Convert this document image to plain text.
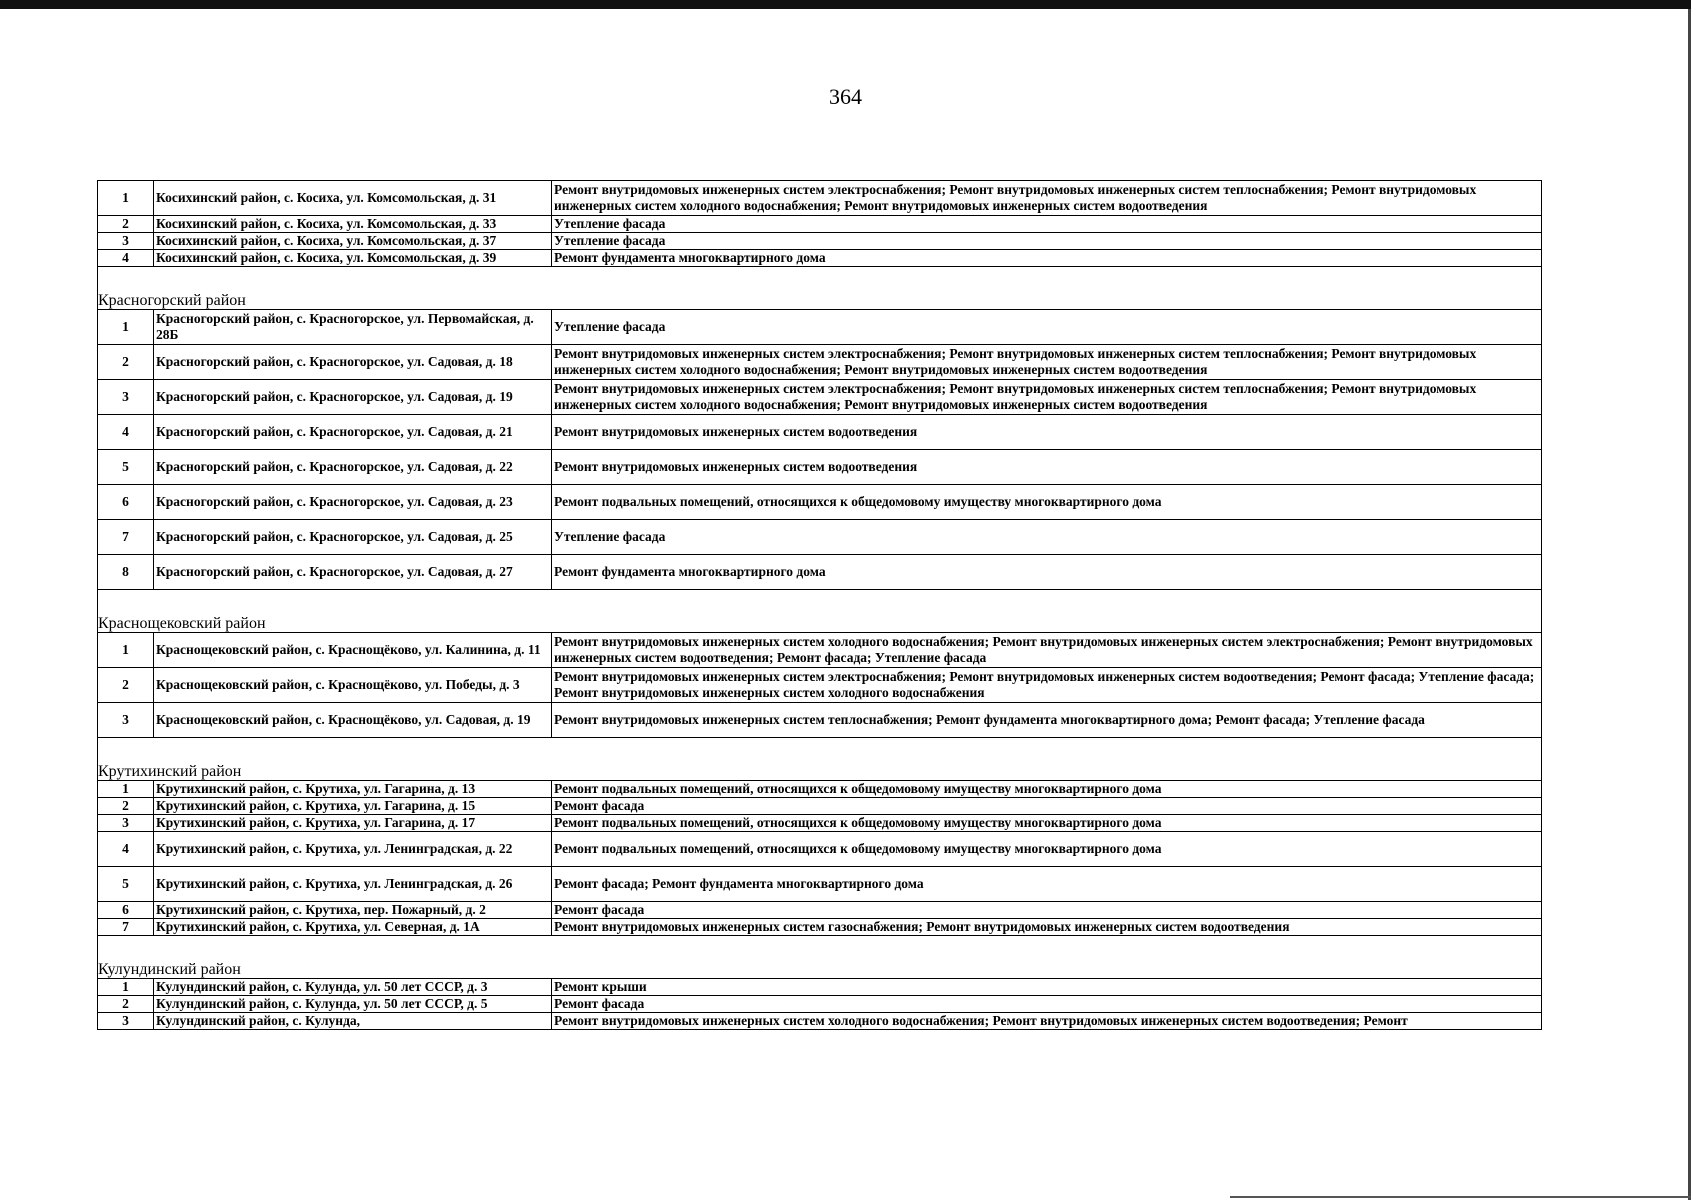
364
1	Косихинский район, с. Косиха, ул. Комсомольская, д. 31	Ремонт внутридомовых инженерных систем электроснабжения; Ремонт внутридомовых инженерных систем теплоснабжения; Ремонт внутридомовых инженерных систем холодного водоснабжения; Ремонт внутридомовых инженерных систем водоотведения
2	Косихинский район, с. Косиха, ул. Комсомольская, д. 33	Утепление фасада
3	Косихинский район, с. Косиха, ул. Комсомольская, д. 37	Утепление фасада
4	Косихинский район, с. Косиха, ул. Комсомольская, д. 39	Ремонт фундамента многоквартирного дома

Красногорский район		
1	Красногорский район, с. Красногорское, ул. Первомайская, д. 28Б	Утепление фасада
2	Красногорский район, с. Красногорское, ул. Садовая, д. 18	Ремонт внутридомовых инженерных систем электроснабжения; Ремонт внутридомовых инженерных систем теплоснабжения; Ремонт внутридомовых инженерных систем холодного водоснабжения; Ремонт внутридомовых инженерных систем водоотведения
3	Красногорский район, с. Красногорское, ул. Садовая, д. 19	Ремонт внутридомовых инженерных систем электроснабжения; Ремонт внутридомовых инженерных систем теплоснабжения; Ремонт внутридомовых инженерных систем холодного водоснабжения; Ремонт внутридомовых инженерных систем водоотведения
4	Красногорский район, с. Красногорское, ул. Садовая, д. 21	Ремонт внутридомовых инженерных систем водоотведения
5	Красногорский район, с. Красногорское, ул. Садовая, д. 22	Ремонт внутридомовых инженерных систем водоотведения
6	Красногорский район, с. Красногорское, ул. Садовая, д. 23	Ремонт подвальных помещений, относящихся к общедомовому имуществу многоквартирного дома
7	Красногорский район, с. Красногорское, ул. Садовая, д. 25	Утепление фасада
8	Красногорский район, с. Красногорское, ул. Садовая, д. 27	Ремонт фундамента многоквартирного дома

Краснощековский район		
1	Краснощековский район, с. Краснощёково, ул. Калинина, д. 11	Ремонт внутридомовых инженерных систем холодного водоснабжения; Ремонт внутридомовых инженерных систем электроснабжения; Ремонт внутридомовых инженерных систем водоотведения; Ремонт фасада; Утепление фасада
2	Краснощековский район, с. Краснощёково, ул. Победы, д. 3	Ремонт внутридомовых инженерных систем электроснабжения; Ремонт внутридомовых инженерных систем водоотведения; Ремонт фасада; Утепление фасада; Ремонт внутридомовых инженерных систем холодного водоснабжения
3	Краснощековский район, с. Краснощёково, ул. Садовая, д. 19	Ремонт внутридомовых инженерных систем теплоснабжения; Ремонт фундамента многоквартирного дома; Ремонт фасада; Утепление фасада

Крутихинский район		
1	Крутихинский район, с. Крутиха, ул. Гагарина, д. 13	Ремонт подвальных помещений, относящихся к общедомовому имуществу многоквартирного дома
2	Крутихинский район, с. Крутиха, ул. Гагарина, д. 15	Ремонт фасада
3	Крутихинский район, с. Крутиха, ул. Гагарина, д. 17	Ремонт подвальных помещений, относящихся к общедомовому имуществу многоквартирного дома
4	Крутихинский район, с. Крутиха, ул. Ленинградская, д. 22	Ремонт подвальных помещений, относящихся к общедомовому имуществу многоквартирного дома
5	Крутихинский район, с. Крутиха, ул. Ленинградская, д. 26	Ремонт фасада; Ремонт фундамента многоквартирного дома
6	Крутихинский район, с. Крутиха, пер. Пожарный, д. 2	Ремонт фасада
7	Крутихинский район, с. Крутиха, ул. Северная, д. 1А	Ремонт внутридомовых инженерных систем газоснабжения; Ремонт внутридомовых инженерных систем водоотведения

Кулундинский район		
1	Кулундинский район, с. Кулунда, ул. 50 лет СССР, д. 3	Ремонт крыши
2	Кулундинский район, с. Кулунда, ул. 50 лет СССР, д. 5	Ремонт фасада
3	Кулундинский район, с. Кулунда,	Ремонт внутридомовых инженерных систем холодного водоснабжения; Ремонт внутридомовых инженерных систем водоотведения; Ремонт
